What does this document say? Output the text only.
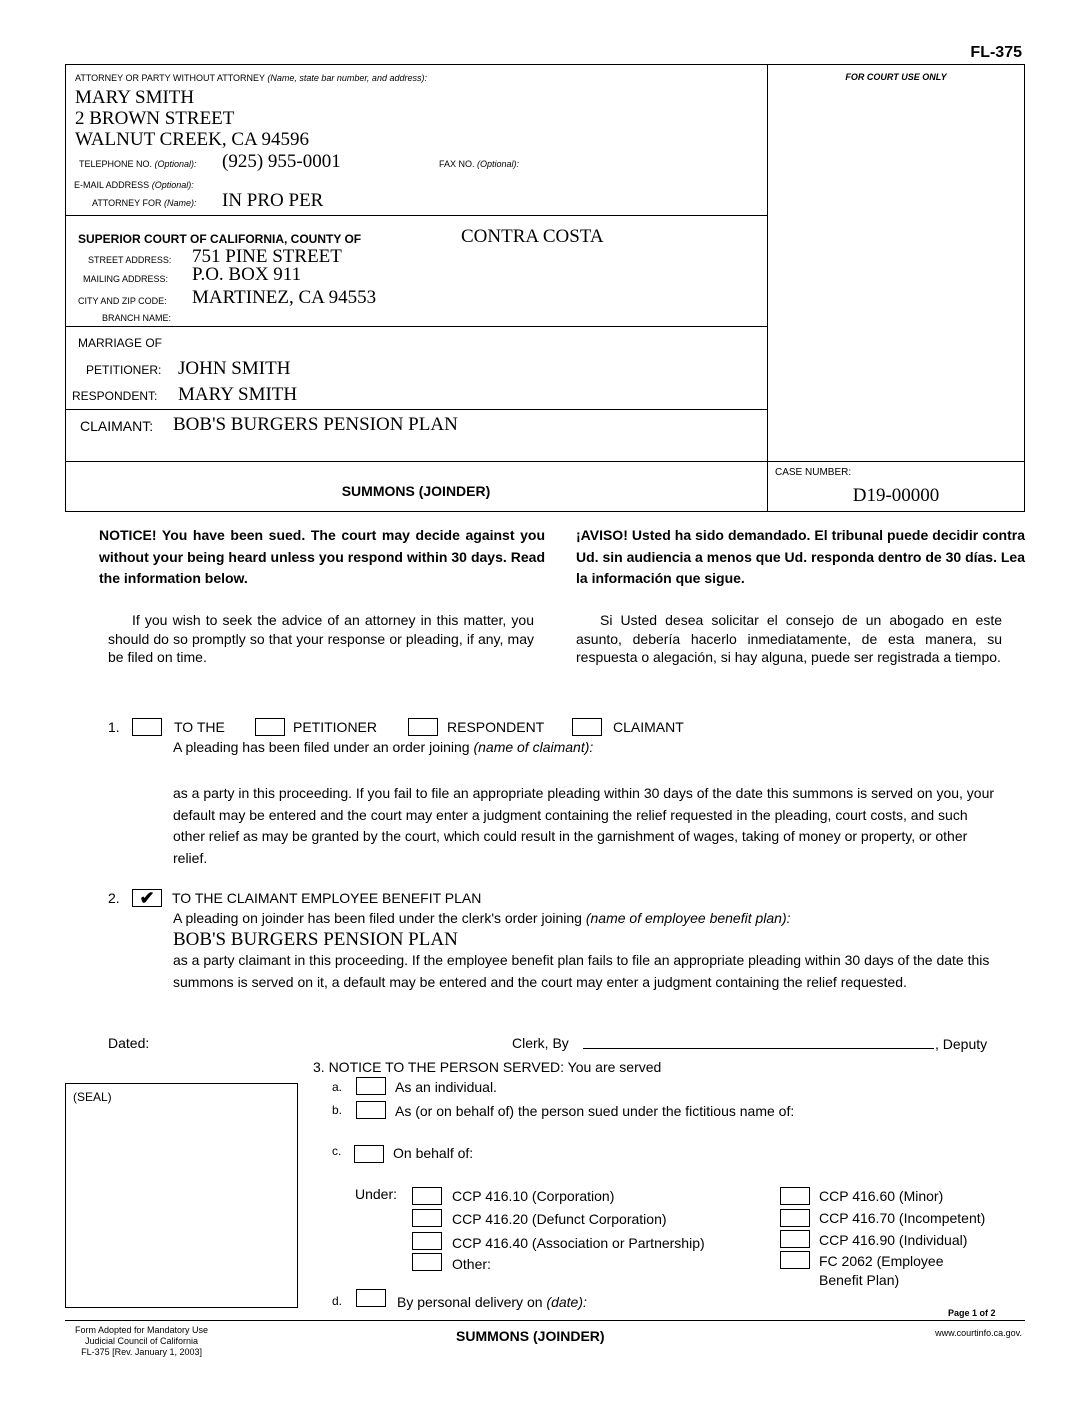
FL-375
ATTORNEY OR PARTY WITHOUT ATTORNEY (Name, state bar number, and address):
MARY SMITH
2 BROWN STREET
WALNUT CREEK, CA 94596
TELEPHONE NO. (Optional): (925) 955-0001	FAX NO. (Optional):
E-MAIL ADDRESS (Optional):
ATTORNEY FOR (Name): IN PRO PER
FOR COURT USE ONLY
SUPERIOR COURT OF CALIFORNIA, COUNTY OF	CONTRA COSTA
STREET ADDRESS: 751 PINE STREET
MAILING ADDRESS: P.O. BOX 911
CITY AND ZIP CODE: MARTINEZ, CA 94553
BRANCH NAME:
MARRIAGE OF
PETITIONER: JOHN SMITH
RESPONDENT: MARY SMITH
CLAIMANT: BOB'S BURGERS PENSION PLAN
SUMMONS (JOINDER)
CASE NUMBER:
D19-00000
NOTICE! You have been sued. The court may decide against you without your being heard unless you respond within 30 days. Read the information below.
¡AVISO! Usted ha sido demandado. El tribunal puede decidir contra Ud. sin audiencia a menos que Ud. responda dentro de 30 días. Lea la información que sigue.
If you wish to seek the advice of an attorney in this matter, you should do so promptly so that your response or pleading, if any, may be filed on time.
Si Usted desea solicitar el consejo de un abogado en este asunto, debería hacerlo inmediatamente, de esta manera, su respuesta o alegación, si hay alguna, puede ser registrada a tiempo.
1.	TO THE	PETITIONER	RESPONDENT	CLAIMANT
A pleading has been filed under an order joining (name of claimant):
as a party in this proceeding. If you fail to file an appropriate pleading within 30 days of the date this summons is served on you, your default may be entered and the court may enter a judgment containing the relief requested in the pleading, court costs, and such other relief as may be granted by the court, which could result in the garnishment of wages, taking of money or property, or other relief.
2.	✔	TO THE CLAIMANT EMPLOYEE BENEFIT PLAN
A pleading on joinder has been filed under the clerk's order joining (name of employee benefit plan):
BOB'S BURGERS PENSION PLAN
as a party claimant in this proceeding. If the employee benefit plan fails to file an appropriate pleading within 30 days of the date this summons is served on it, a default may be entered and the court may enter a judgment containing the relief requested.
Dated:	Clerk, By	, Deputy
(SEAL)
3. NOTICE TO THE PERSON SERVED: You are served
a.	As an individual.
b.	As (or on behalf of) the person sued under the fictitious name of:
c.	On behalf of:
Under:	CCP 416.10 (Corporation)
CCP 416.20 (Defunct Corporation)
CCP 416.40 (Association or Partnership)
Other:
CCP 416.60 (Minor)
CCP 416.70 (Incompetent)
CCP 416.90 (Individual)
FC 2062 (Employee
Benefit Plan)
d.	By personal delivery on (date):
Page 1 of 2
Form Adopted for Mandatory Use
Judicial Council of California
FL-375 [Rev. January 1, 2003]
SUMMONS (JOINDER)	www.courtinfo.ca.gov.
